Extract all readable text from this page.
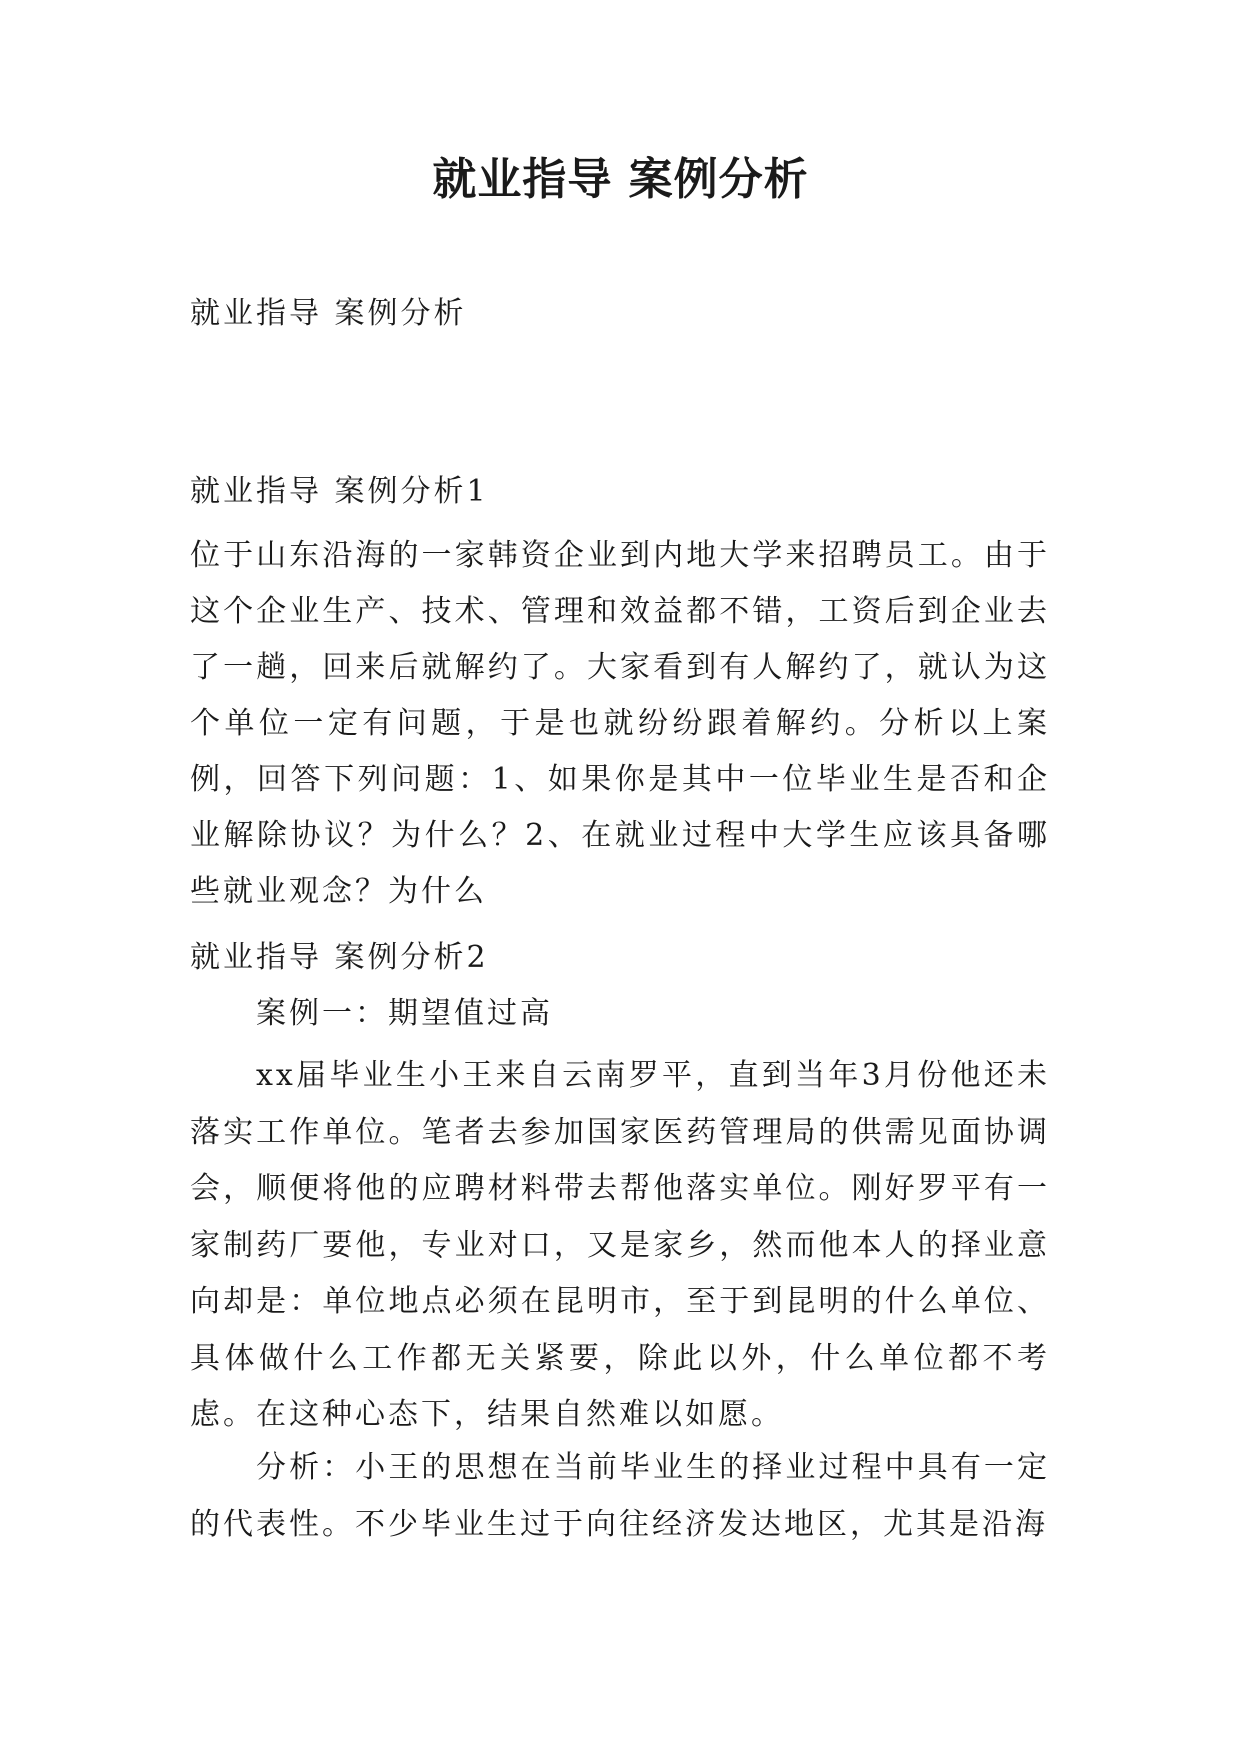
就业指导 案例分析

就业指导 案例分析

就业指导 案例分析1

位于山东沿海的一家韩资企业到内地大学来招聘员工。由于这个企业生产、技术、管理和效益都不错，工资后到企业去了一趟，回来后就解约了。大家看到有人解约了，就认为这个单位一定有问题，于是也就纷纷跟着解约。分析以上案例，回答下列问题：1、如果你是其中一位毕业生是否和企业解除协议？为什么？2、在就业过程中大学生应该具备哪些就业观念？为什么

就业指导 案例分析2

案例一：期望值过高

xx届毕业生小王来自云南罗平，直到当年3月份他还未落实工作单位。笔者去参加国家医药管理局的供需见面协调会，顺便将他的应聘材料带去帮他落实单位。刚好罗平有一家制药厂要他，专业对口，又是家乡，然而他本人的择业意向却是：单位地点必须在昆明市，至于到昆明的什么单位、具体做什么工作都无关紧要，除此以外，什么单位都不考虑。在这种心态下，结果自然难以如愿。

分析：小王的思想在当前毕业生的择业过程中具有一定的代表性。不少毕业生过于向往经济发达地区，尤其是沿海
